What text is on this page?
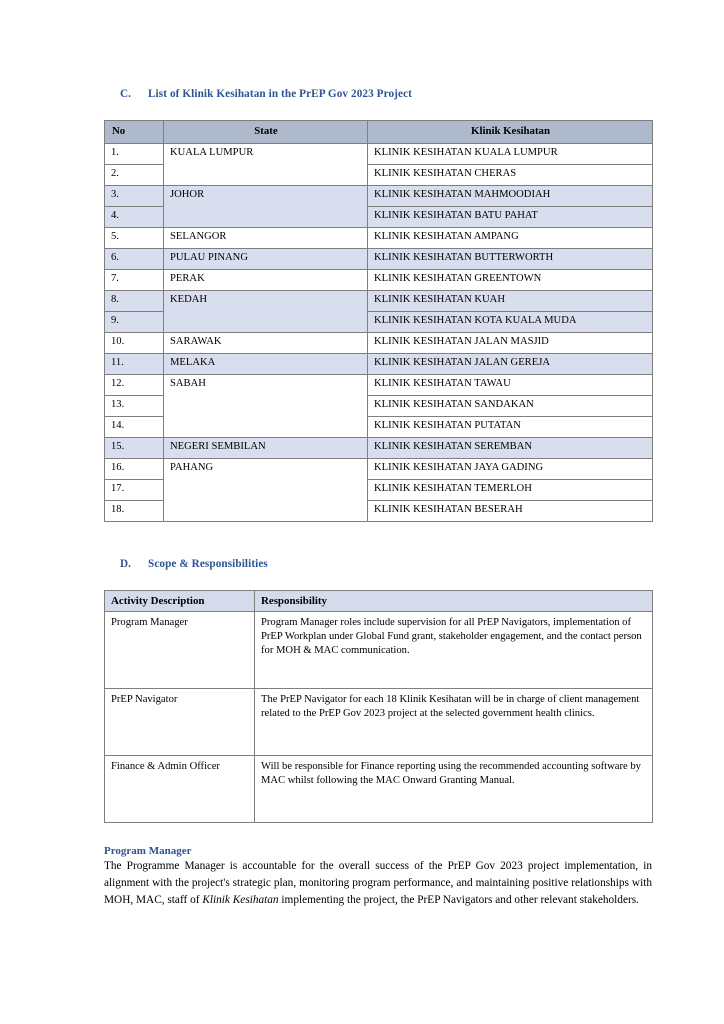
C.	List of Klinik Kesihatan in the PrEP Gov 2023 Project
No	State	Klinik Kesihatan
1.	KUALA LUMPUR	KLINIK KESIHATAN KUALA LUMPUR
2.		KLINIK KESIHATAN CHERAS
3.	JOHOR	KLINIK KESIHATAN MAHMOODIAH
4.		KLINIK KESIHATAN BATU PAHAT
5.	SELANGOR	KLINIK KESIHATAN AMPANG
6.	PULAU PINANG	KLINIK KESIHATAN BUTTERWORTH
7.	PERAK	KLINIK KESIHATAN GREENTOWN
8.	KEDAH	KLINIK KESIHATAN KUAH
9.		KLINIK KESIHATAN KOTA KUALA MUDA
10.	SARAWAK	KLINIK KESIHATAN JALAN MASJID
11.	MELAKA	KLINIK KESIHATAN JALAN GEREJA
12.	SABAH	KLINIK KESIHATAN TAWAU
13.		KLINIK KESIHATAN SANDAKAN
14.		KLINIK KESIHATAN PUTATAN
15.	NEGERI SEMBILAN	KLINIK KESIHATAN SEREMBAN
16.	PAHANG	KLINIK KESIHATAN JAYA GADING
17.		KLINIK KESIHATAN TEMERLOH
18.		KLINIK KESIHATAN BESERAH
D.	Scope & Responsibilities
Activity Description	Responsibility
Program Manager	Program Manager roles include supervision for all PrEP Navigators, implementation of PrEP Workplan under Global Fund grant, stakeholder engagement, and the contact person for MOH & MAC communication.
PrEP Navigator	The PrEP Navigator for each 18 Klinik Kesihatan will be in charge of client management related to the PrEP Gov 2023 project at the selected government health clinics.
Finance & Admin Officer	Will be responsible for Finance reporting using the recommended accounting software by MAC whilst following the MAC Onward Granting Manual.
Program Manager

The Programme Manager is accountable for the overall success of the PrEP Gov 2023 project implementation, in alignment with the project's strategic plan, monitoring program performance, and maintaining positive relationships with MOH, MAC, staff of Klinik Kesihatan implementing the project, the PrEP Navigators and other relevant stakeholders.
